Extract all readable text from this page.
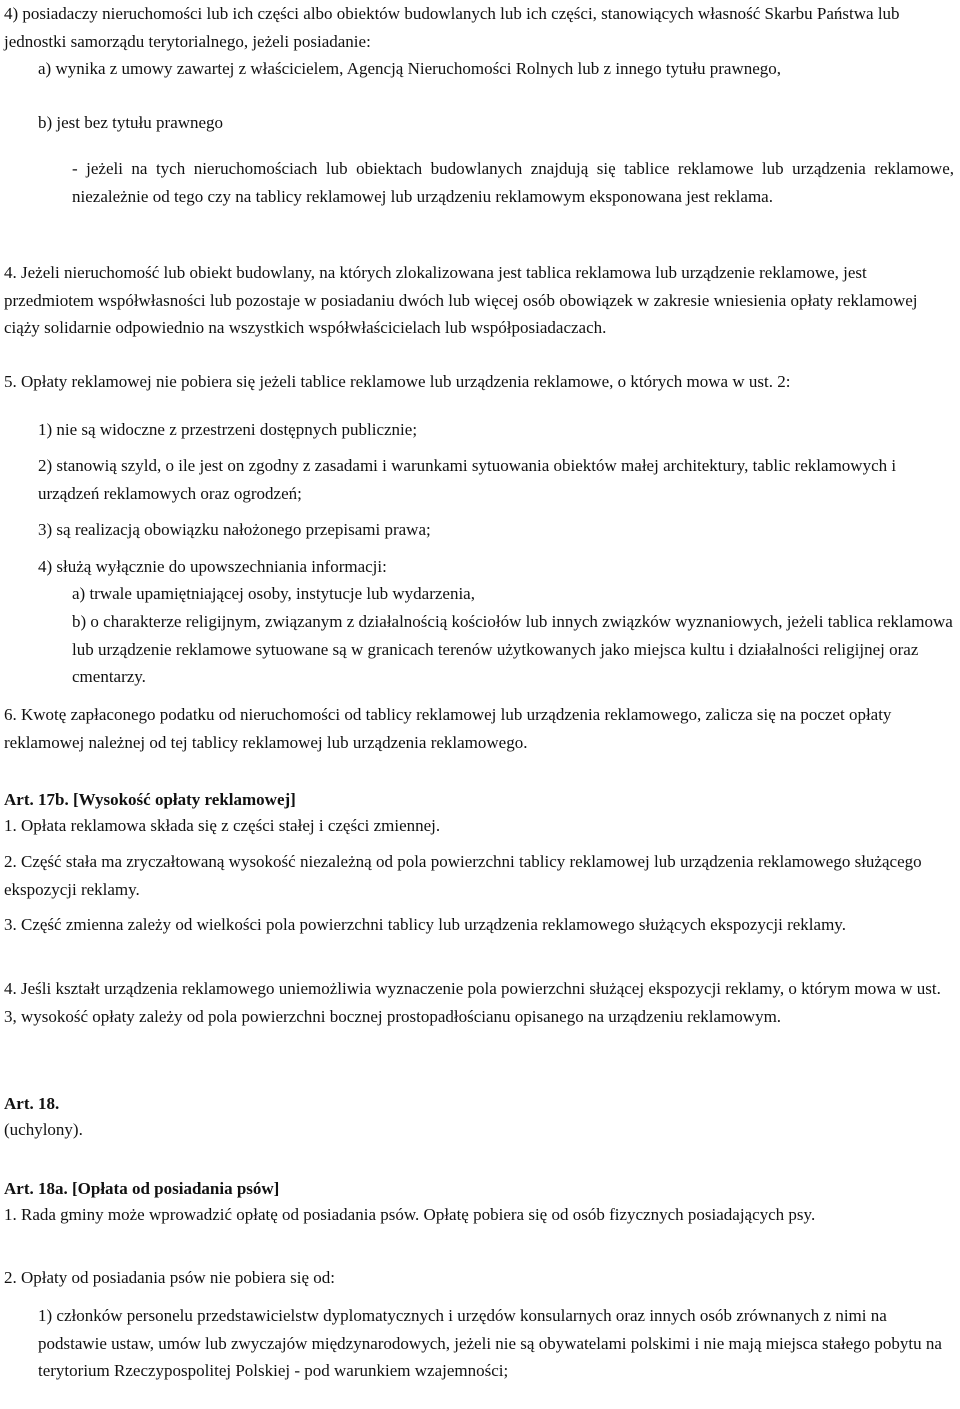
4) posiadaczy nieruchomości lub ich części albo obiektów budowlanych lub ich części, stanowiących własność Skarbu Państwa lub jednostki samorządu terytorialnego, jeżeli posiadanie:

a) wynika z umowy zawartej z właścicielem, Agencją Nieruchomości Rolnych lub z innego tytułu prawnego,

b) jest bez tytułu prawnego

- jeżeli na tych nieruchomościach lub obiektach budowlanych znajdują się tablice reklamowe lub urządzenia reklamowe, niezależnie od tego czy na tablicy reklamowej lub urządzeniu reklamowym eksponowana jest reklama.

4. Jeżeli nieruchomość lub obiekt budowlany, na których zlokalizowana jest tablica reklamowa lub urządzenie reklamowe, jest przedmiotem współwłasności lub pozostaje w posiadaniu dwóch lub więcej osób obowiązek w zakresie wniesienia opłaty reklamowej ciąży solidarnie odpowiednio na wszystkich współwłaścicielach lub współposiadaczach.

5. Opłaty reklamowej nie pobiera się jeżeli tablice reklamowe lub urządzenia reklamowe, o których mowa w ust. 2:

1) nie są widoczne z przestrzeni dostępnych publicznie;

2) stanowią szyld, o ile jest on zgodny z zasadami i warunkami sytuowania obiektów małej architektury, tablic reklamowych i urządzeń reklamowych oraz ogrodzeń;

3) są realizacją obowiązku nałożonego przepisami prawa;

4) służą wyłącznie do upowszechniania informacji:

a) trwale upamiętniającej osoby, instytucje lub wydarzenia,

b) o charakterze religijnym, związanym z działalnością kościołów lub innych związków wyznaniowych, jeżeli tablica reklamowa lub urządzenie reklamowe sytuowane są w granicach terenów użytkowanych jako miejsca kultu i działalności religijnej oraz cmentarzy.

6. Kwotę zapłaconego podatku od nieruchomości od tablicy reklamowej lub urządzenia reklamowego, zalicza się na poczet opłaty reklamowej należnej od tej tablicy reklamowej lub urządzenia reklamowego.

Art. 17b. [Wysokość opłaty reklamowej]

1. Opłata reklamowa składa się z części stałej i części zmiennej.

2. Część stała ma zryczałtowaną wysokość niezależną od pola powierzchni tablicy reklamowej lub urządzenia reklamowego służącego ekspozycji reklamy.

3. Część zmienna zależy od wielkości pola powierzchni tablicy lub urządzenia reklamowego służących ekspozycji reklamy.

4. Jeśli kształt urządzenia reklamowego uniemożliwia wyznaczenie pola powierzchni służącej ekspozycji reklamy, o którym mowa w ust. 3, wysokość opłaty zależy od pola powierzchni bocznej prostopadłościanu opisanego na urządzeniu reklamowym.

Art. 18.

(uchylony).

Art. 18a. [Opłata od posiadania psów]

1. Rada gminy może wprowadzić opłatę od posiadania psów. Opłatę pobiera się od osób fizycznych posiadających psy.

2. Opłaty od posiadania psów nie pobiera się od:

1) członków personelu przedstawicielstw dyplomatycznych i urzędów konsularnych oraz innych osób zrównanych z nimi na podstawie ustaw, umów lub zwyczajów międzynarodowych, jeżeli nie są obywatelami polskimi i nie mają miejsca stałego pobytu na terytorium Rzeczypospolitej Polskiej - pod warunkiem wzajemności;
